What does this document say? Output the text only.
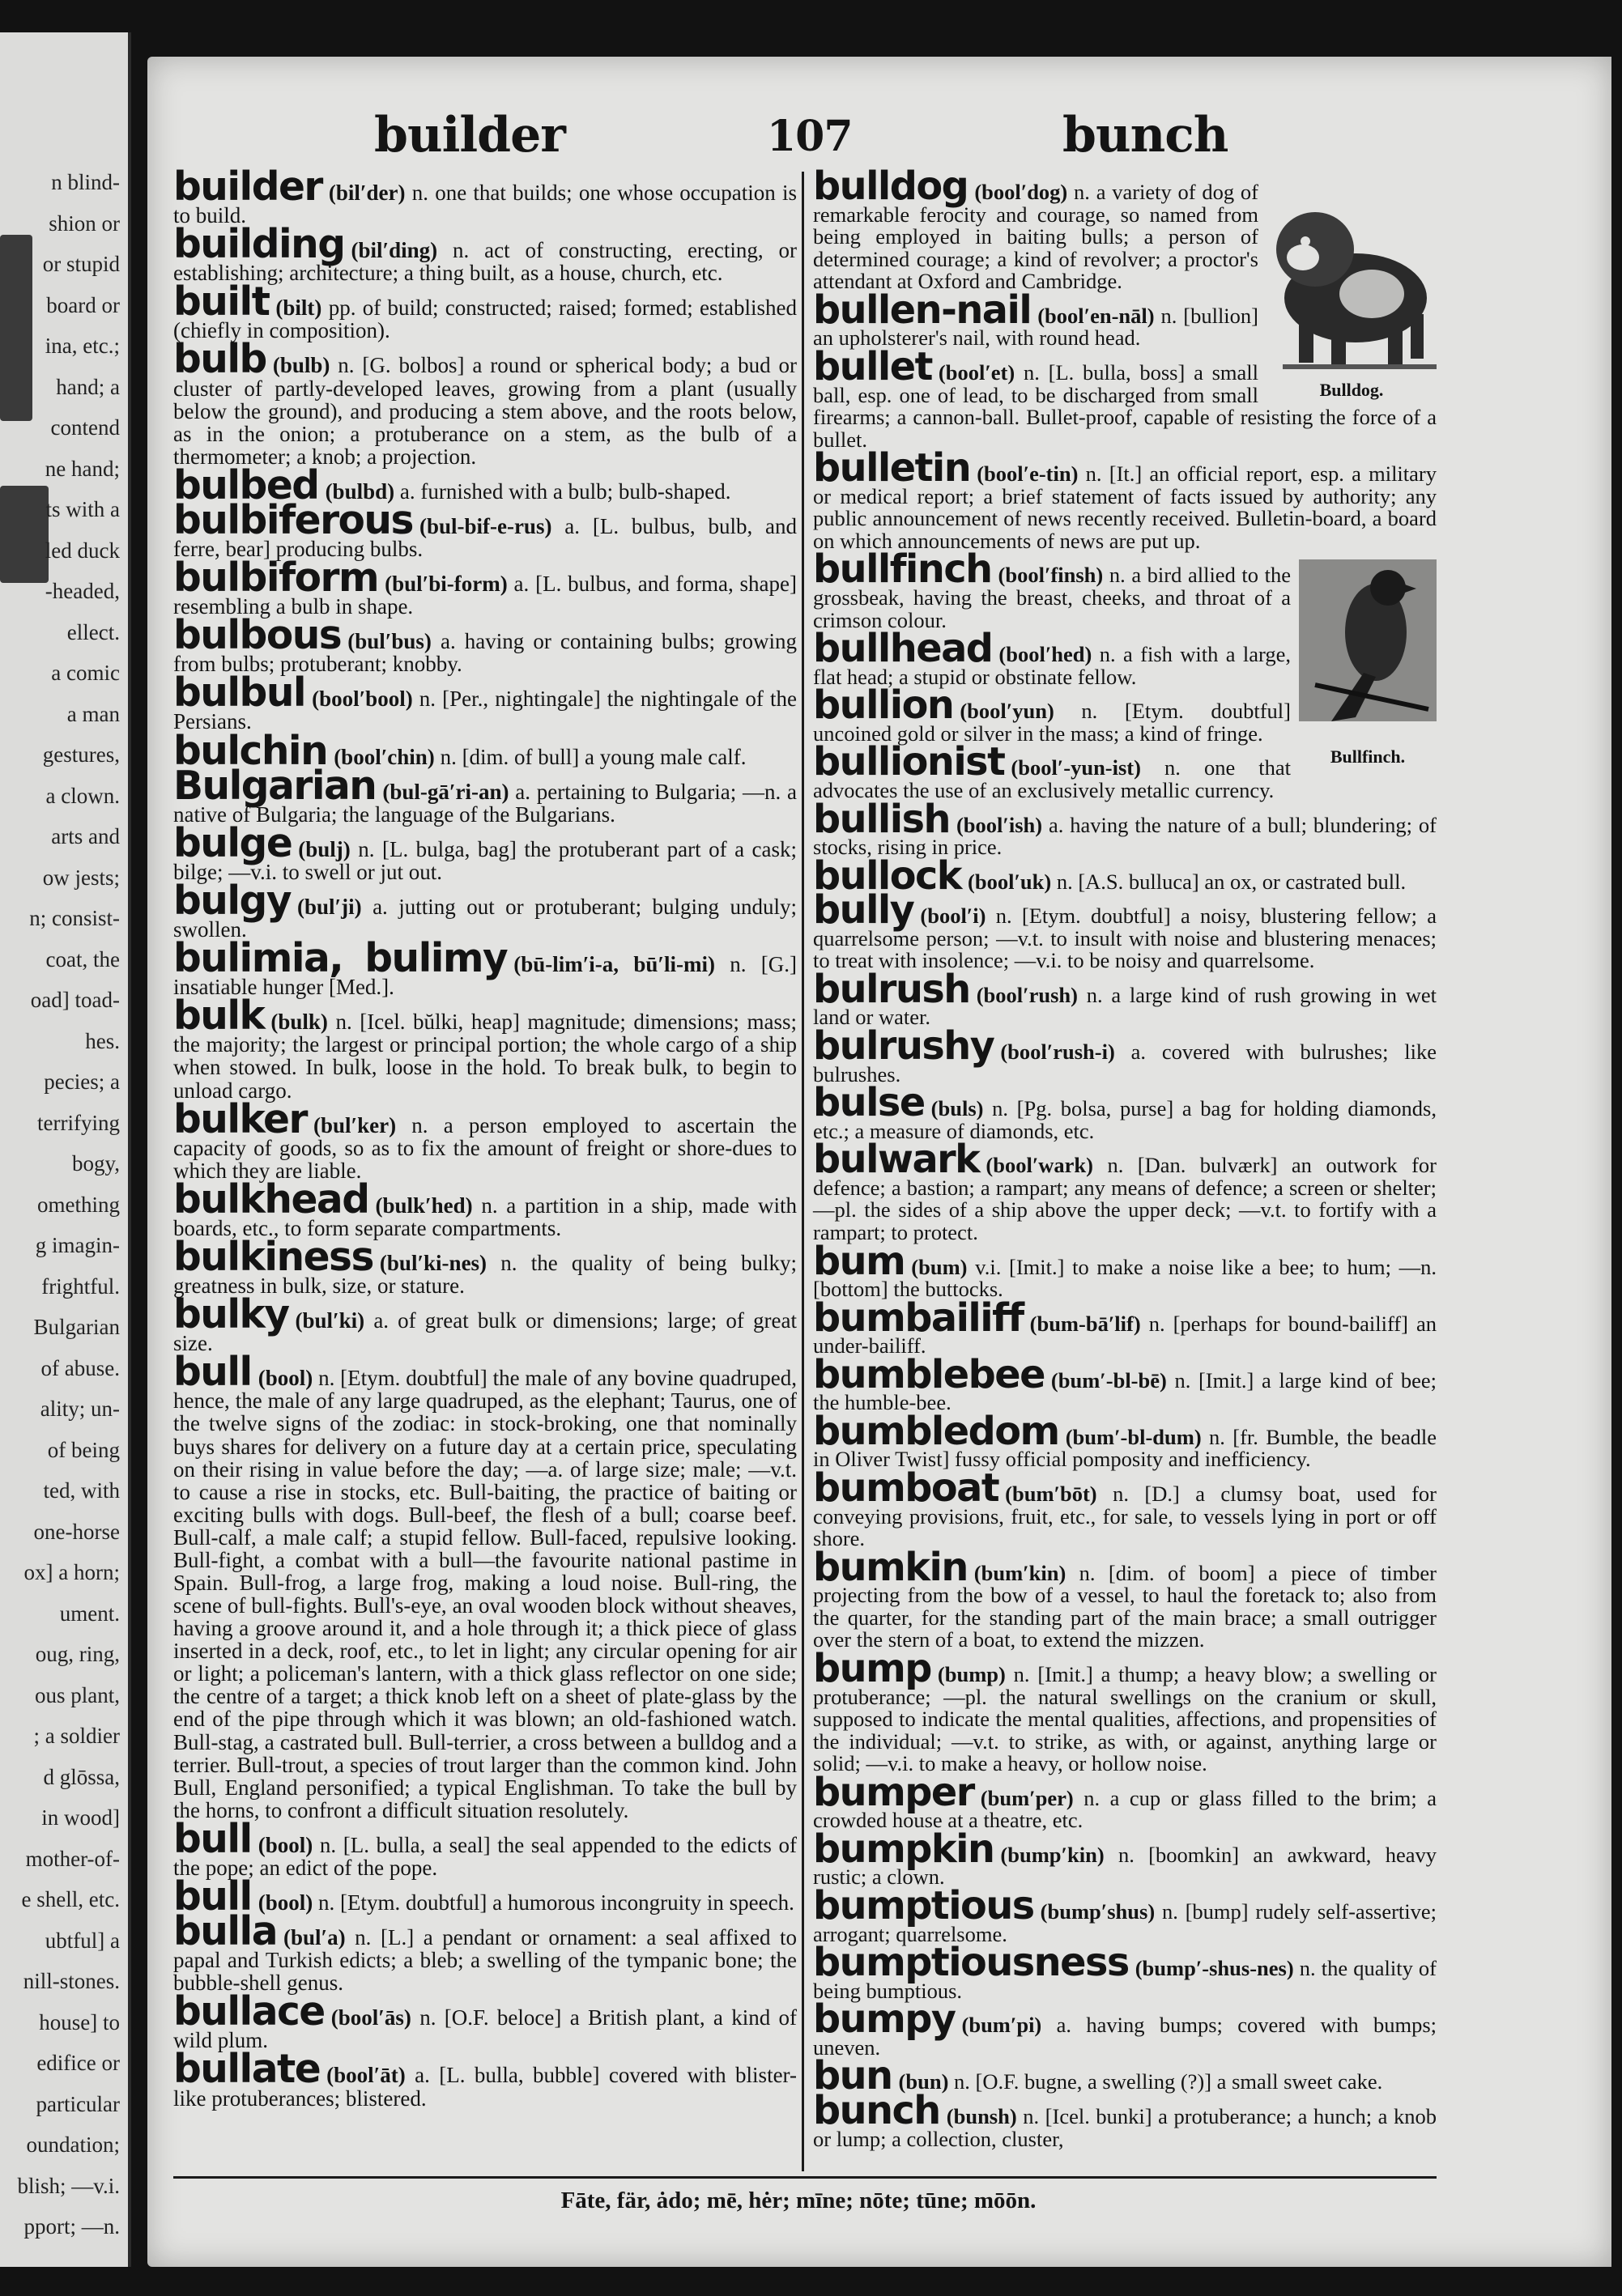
n blind-
shion or
or stupid
board or
ina, etc.;
hand; a
contend
ne hand;
ts with a
led duck
-headed,
ellect.
a comic
a man
gestures,
a clown.
arts and
ow jests;
n; consist-
coat, the
oad] toad-
hes.
pecies; a
terrifying
bogy,
omething
g imagin-
frightful.
Bulgarian
of abuse.
ality; un-
of being
ted, with
one-horse
ox] a horn;
ument.
oug, ring,
ous plant,
; a soldier
d glōssa,
in wood]
mother-of-
e shell, etc.
ubtful] a
nill-stones.
house] to
edifice or
particular
oundation;
blish; —v.i.
pport; —n.
builder	107	bunch
builder (bil′der) n. one that builds; one whose occupation is to build.
building (bil′ding) n. act of constructing, erecting, or establishing; architecture; a thing built, as a house, church, etc.
built (bilt) pp. of build; constructed; raised; formed; established (chiefly in composition).
bulb (bulb) n. [G. bolbos] a round or spherical body; a bud or cluster of partly-developed leaves, growing from a plant (usually below the ground), and producing a stem above, and the roots below, as in the onion; a protuberance on a stem, as the bulb of a thermometer; a knob; a projection.
bulbed (bulbd) a. furnished with a bulb; bulb-shaped.
bulbiferous (bul-bif-e-rus) a. [L. bulbus, bulb, and ferre, bear] producing bulbs.
bulbiform (bul′bi-form) a. [L. bulbus, and forma, shape] resembling a bulb in shape.
bulbous (bul′bus) a. having or containing bulbs; growing from bulbs; protuberant; knobby.
bulbul (bool′bool) n. [Per., nightingale] the nightingale of the Persians.
bulchin (bool′chin) n. [dim. of bull] a young male calf.
Bulgarian (bul-gā′ri-an) a. pertaining to Bulgaria; —n. a native of Bulgaria; the language of the Bulgarians.
bulge (bulj) n. [L. bulga, bag] the protuberant part of a cask; bilge; —v.i. to swell or jut out.
bulgy (bul′ji) a. jutting out or protuberant; bulging unduly; swollen.
bulimia, bulimy (bū-lim′i-a, bū′li-mi) n. [G.] insatiable hunger [Med.].
bulk (bulk) n. [Icel. bŭlki, heap] magnitude; dimensions; mass; the majority; the largest or principal portion; the whole cargo of a ship when stowed. In bulk, loose in the hold. To break bulk, to begin to unload cargo.
bulker (bul′ker) n. a person employed to ascertain the capacity of goods, so as to fix the amount of freight or shore-dues to which they are liable.
bulkhead (bulk′hed) n. a partition in a ship, made with boards, etc., to form separate compartments.
bulkiness (bul′ki-nes) n. the quality of being bulky; greatness in bulk, size, or stature.
bulky (bul′ki) a. of great bulk or dimensions; large; of great size.
bull (bool) n. [Etym. doubtful] the male of any bovine quadruped, hence, the male of any large quadruped, as the elephant; Taurus, one of the twelve signs of the zodiac: in stock-broking, one that nominally buys shares for delivery on a future day at a certain price, speculating on their rising in value before the day; —a. of large size; male; —v.t. to cause a rise in stocks, etc. Bull-baiting, the practice of baiting or exciting bulls with dogs. Bull-beef, the flesh of a bull; coarse beef. Bull-calf, a male calf; a stupid fellow. Bull-faced, repulsive looking. Bull-fight, a combat with a bull—the favourite national pastime in Spain. Bull-frog, a large frog, making a loud noise. Bull-ring, the scene of bull-fights. Bull's-eye, an oval wooden block without sheaves, having a groove around it, and a hole through it; a thick piece of glass inserted in a deck, roof, etc., to let in light; any circular opening for air or light; a policeman's lantern, with a thick glass reflector on one side; the centre of a target; a thick knob left on a sheet of plate-glass by the end of the pipe through which it was blown; an old-fashioned watch. Bull-stag, a castrated bull. Bull-terrier, a cross between a bulldog and a terrier. Bull-trout, a species of trout larger than the common kind. John Bull, England personified; a typical Englishman. To take the bull by the horns, to confront a difficult situation resolutely.
bull (bool) n. [L. bulla, a seal] the seal appended to the edicts of the pope; an edict of the pope.
bull (bool) n. [Etym. doubtful] a humorous incongruity in speech.
bulla (bul′a) n. [L.] a pendant or ornament: a seal affixed to papal and Turkish edicts; a bleb; a swelling of the tympanic bone; the bubble-shell genus.
bullace (bool′ās) n. [O.F. beloce] a British plant, a kind of wild plum.
bullate (bool′āt) a. [L. bulla, bubble] covered with blister-like protuberances; blistered.
Bulldog.
bulldog (bool′dog) n. a variety of dog of remarkable ferocity and courage, so named from being employed in baiting bulls; a person of determined courage; a kind of revolver; a proctor's attendant at Oxford and Cambridge.
bullen-nail (bool′en-nāl) n. [bullion] an upholsterer's nail, with round head.
bullet (bool′et) n. [L. bulla, boss] a small ball, esp. one of lead, to be discharged from small firearms; a cannon-ball. Bullet-proof, capable of resisting the force of a bullet.
bulletin (bool′e-tin) n. [It.] an official report, esp. a military or medical report; a brief statement of facts issued by authority; any public announcement of news recently received. Bulletin-board, a board on which announcements of news are put up.
Bullfinch.
bullfinch (bool′finsh) n. a bird allied to the grossbeak, having the breast, cheeks, and throat of a crimson colour.
bullhead (bool′hed) n. a fish with a large, flat head; a stupid or obstinate fellow.
bullion (bool′yun) n. [Etym. doubtful] uncoined gold or silver in the mass; a kind of fringe.
bullionist (bool′-yun-ist) n. one that advocates the use of an exclusively metallic currency.
bullish (bool′ish) a. having the nature of a bull; blundering; of stocks, rising in price.
bullock (bool′uk) n. [A.S. bulluca] an ox, or castrated bull.
bully (bool′i) n. [Etym. doubtful] a noisy, blustering fellow; a quarrelsome person; —v.t. to insult with noise and blustering menaces; to treat with insolence; —v.i. to be noisy and quarrelsome.
bulrush (bool′rush) n. a large kind of rush growing in wet land or water.
bulrushy (bool′rush-i) a. covered with bulrushes; like bulrushes.
bulse (buls) n. [Pg. bolsa, purse] a bag for holding diamonds, etc.; a measure of diamonds, etc.
bulwark (bool′wark) n. [Dan. bulværk] an outwork for defence; a bastion; a rampart; any means of defence; a screen or shelter; —pl. the sides of a ship above the upper deck; —v.t. to fortify with a rampart; to protect.
bum (bum) v.i. [Imit.] to make a noise like a bee; to hum; —n. [bottom] the buttocks.
bumbailiff (bum-bā′lif) n. [perhaps for bound-bailiff] an under-bailiff.
bumblebee (bum′-bl-bē) n. [Imit.] a large kind of bee; the humble-bee.
bumbledom (bum′-bl-dum) n. [fr. Bumble, the beadle in Oliver Twist] fussy official pomposity and inefficiency.
bumboat (bum′bōt) n. [D.] a clumsy boat, used for conveying provisions, fruit, etc., for sale, to vessels lying in port or off shore.
bumkin (bum′kin) n. [dim. of boom] a piece of timber projecting from the bow of a vessel, to haul the foretack to; also from the quarter, for the standing part of the main brace; a small outrigger over the stern of a boat, to extend the mizzen.
bump (bump) n. [Imit.] a thump; a heavy blow; a swelling or protuberance; —pl. the natural swellings on the cranium or skull, supposed to indicate the mental qualities, affections, and propensities of the individual; —v.t. to strike, as with, or against, anything large or solid; —v.i. to make a heavy, or hollow noise.
bumper (bum′per) n. a cup or glass filled to the brim; a crowded house at a theatre, etc.
bumpkin (bump′kin) n. [boomkin] an awkward, heavy rustic; a clown.
bumptious (bump′shus) n. [bump] rudely self-assertive; arrogant; quarrelsome.
bumptiousness (bump′-shus-nes) n. the quality of being bumptious.
bumpy (bum′pi) a. having bumps; covered with bumps; uneven.
bun (bun) n. [O.F. bugne, a swelling (?)] a small sweet cake.
bunch (bunsh) n. [Icel. bunki] a protuberance; a hunch; a knob or lump; a collection, cluster,
Fāte, fär, ȧdo; mē, hėr; mīne; nōte; tūne; mōōn.
